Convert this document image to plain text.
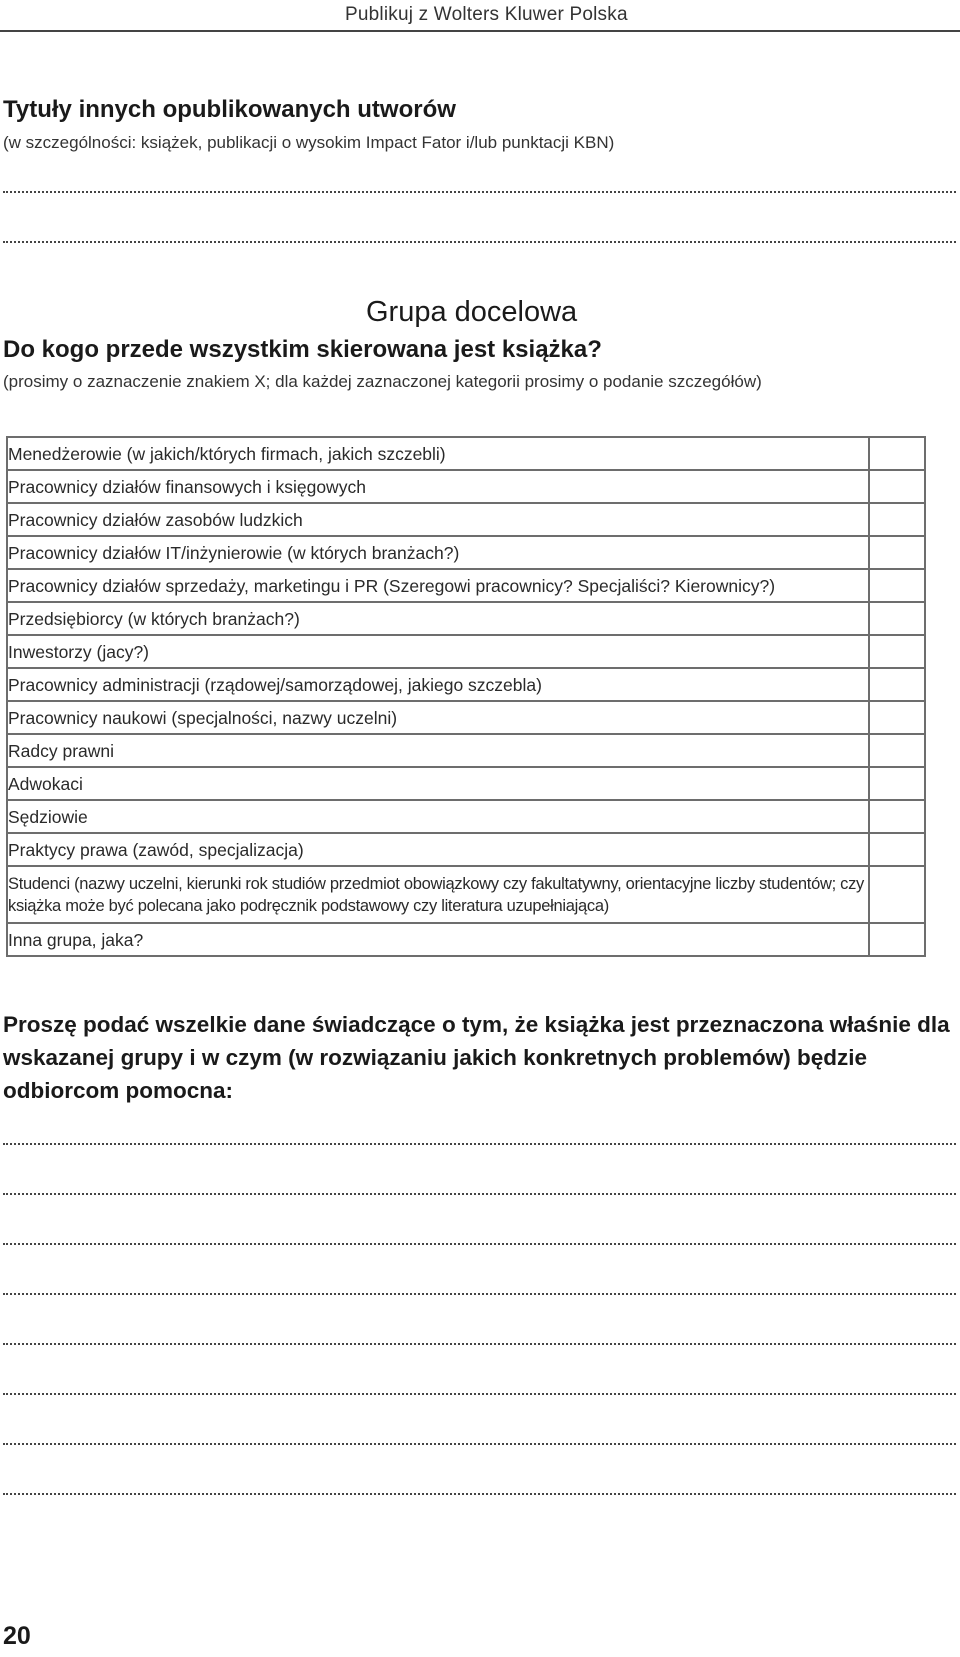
Publikuj z Wolters Kluwer Polska
Tytuły innych opublikowanych utworów
(w szczególności: książek, publikacji o wysokim Impact Fator i/lub punktacji KBN)
Grupa docelowa
Do kogo przede wszystkim skierowana jest książka?
(prosimy o zaznaczenie znakiem X; dla każdej zaznaczonej kategorii prosimy o podanie szczegółów)
Menedżerowie (w jakich/których firmach, jakich szczebli)	
Pracownicy działów finansowych i księgowych	
Pracownicy działów zasobów ludzkich	
Pracownicy działów IT/inżynierowie (w których branżach?)	
Pracownicy działów sprzedaży, marketingu i PR (Szeregowi pracownicy? Specjaliści? Kierownicy?)	
Przedsiębiorcy (w których branżach?)	
Inwestorzy (jacy?)	
Pracownicy administracji (rządowej/samorządowej, jakiego szczebla)	
Pracownicy naukowi (specjalności, nazwy uczelni)	
Radcy prawni	
Adwokaci	
Sędziowie	
Praktycy prawa (zawód, specjalizacja)	
Studenci (nazwy uczelni, kierunki rok studiów przedmiot obowiązkowy czy fakultatywny, orientacyjne liczby studentów; czy książka może być polecana jako podręcznik podstawowy czy literatura uzupełniająca)	
Inna grupa, jaka?	
Proszę podać wszelkie dane świadczące o tym, że książka jest przeznaczona właśnie dla wskazanej grupy i w czym (w rozwiązaniu jakich konkretnych problemów) będzie odbiorcom pomocna:
20
